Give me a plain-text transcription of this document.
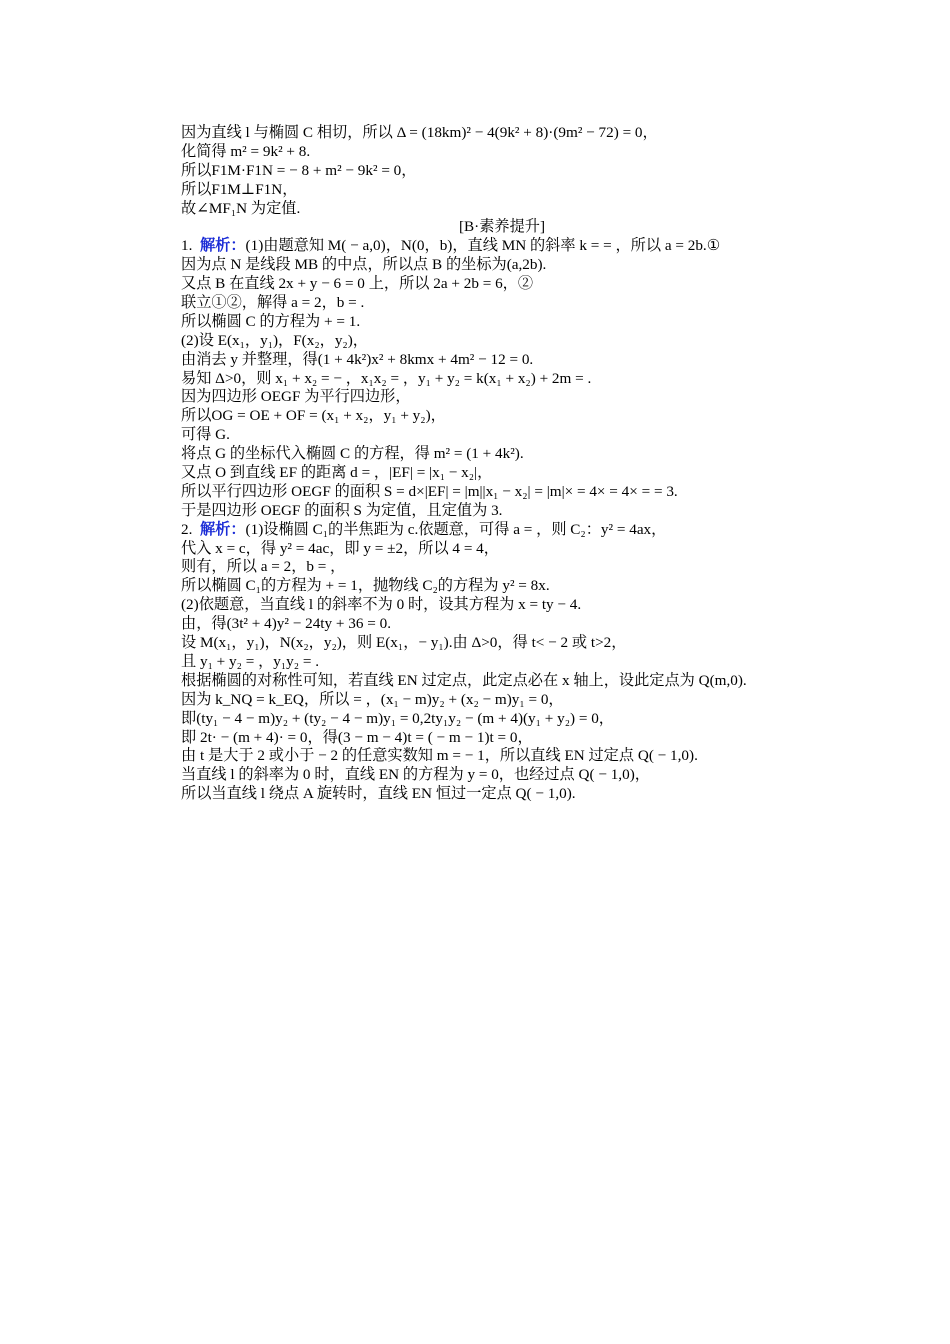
因为直线 l 与椭圆 C 相切，所以 Δ = (18km)² − 4(9k² + 8)·(9m² − 72) = 0，
化简得 m² = 9k² + 8.
所以F1M·F1N = − 8 + m² − 9k² = 0，
所以F1M⊥F1N，
故∠MF₁N 为定值.
[B·素养提升]
1. 解析：(1)由题意知 M( − a,0)，N(0，b)，直线 MN 的斜率 k = = ，所以 a = 2b.①
因为点 N 是线段 MB 的中点，所以点 B 的坐标为(a,2b).
又点 B 在直线 2x + y − 6 = 0 上，所以 2a + 2b = 6，②
联立①②，解得 a = 2，b = .
所以椭圆 C 的方程为 + = 1.
(2)设 E(x₁，y₁)，F(x₂，y₂)，
由消去 y 并整理，得(1 + 4k²)x² + 8kmx + 4m² − 12 = 0.
易知 Δ>0，则 x₁ + x₂ = − ，x₁x₂ = ，y₁ + y₂ = k(x₁ + x₂) + 2m = .
因为四边形 OEGF 为平行四边形，
所以OG = OE + OF = (x₁ + x₂，y₁ + y₂)，
可得 G.
将点 G 的坐标代入椭圆 C 的方程，得 m² = (1 + 4k²).
又点 O 到直线 EF 的距离 d = ，|EF| = |x₁ − x₂|，
所以平行四边形 OEGF 的面积 S = d×|EF| = |m||x₁ − x₂| = |m|× = 4× = 4× = = 3.
于是四边形 OEGF 的面积 S 为定值，且定值为 3.
2. 解析：(1)设椭圆 C₁的半焦距为 c.依题意，可得 a = ，则 C₂：y² = 4ax，
代入 x = c，得 y² = 4ac，即 y = ±2，所以 4 = 4，
则有，所以 a = 2，b = ，
所以椭圆 C₁的方程为 + = 1，抛物线 C₂的方程为 y² = 8x.
(2)依题意，当直线 l 的斜率不为 0 时，设其方程为 x = ty − 4.
由，得(3t² + 4)y² − 24ty + 36 = 0.
设 M(x₁，y₁)，N(x₂，y₂)，则 E(x₁，− y₁).由 Δ>0，得 t< − 2 或 t>2，
且 y₁ + y₂ = ，y₁y₂ = .
根据椭圆的对称性可知，若直线 EN 过定点，此定点必在 x 轴上，设此定点为 Q(m,0).
因为 k_NQ = k_EQ，所以 = ，(x₁ − m)y₂ + (x₂ − m)y₁ = 0，
即(ty₁ − 4 − m)y₂ + (ty₂ − 4 − m)y₁ = 0,2ty₁y₂ − (m + 4)(y₁ + y₂) = 0，
即 2t· − (m + 4)· = 0，得(3 − m − 4)t = ( − m − 1)t = 0，
由 t 是大于 2 或小于 − 2 的任意实数知 m = − 1，所以直线 EN 过定点 Q( − 1,0).
当直线 l 的斜率为 0 时，直线 EN 的方程为 y = 0，也经过点 Q( − 1,0)，
所以当直线 l 绕点 A 旋转时，直线 EN 恒过一定点 Q( − 1,0).
